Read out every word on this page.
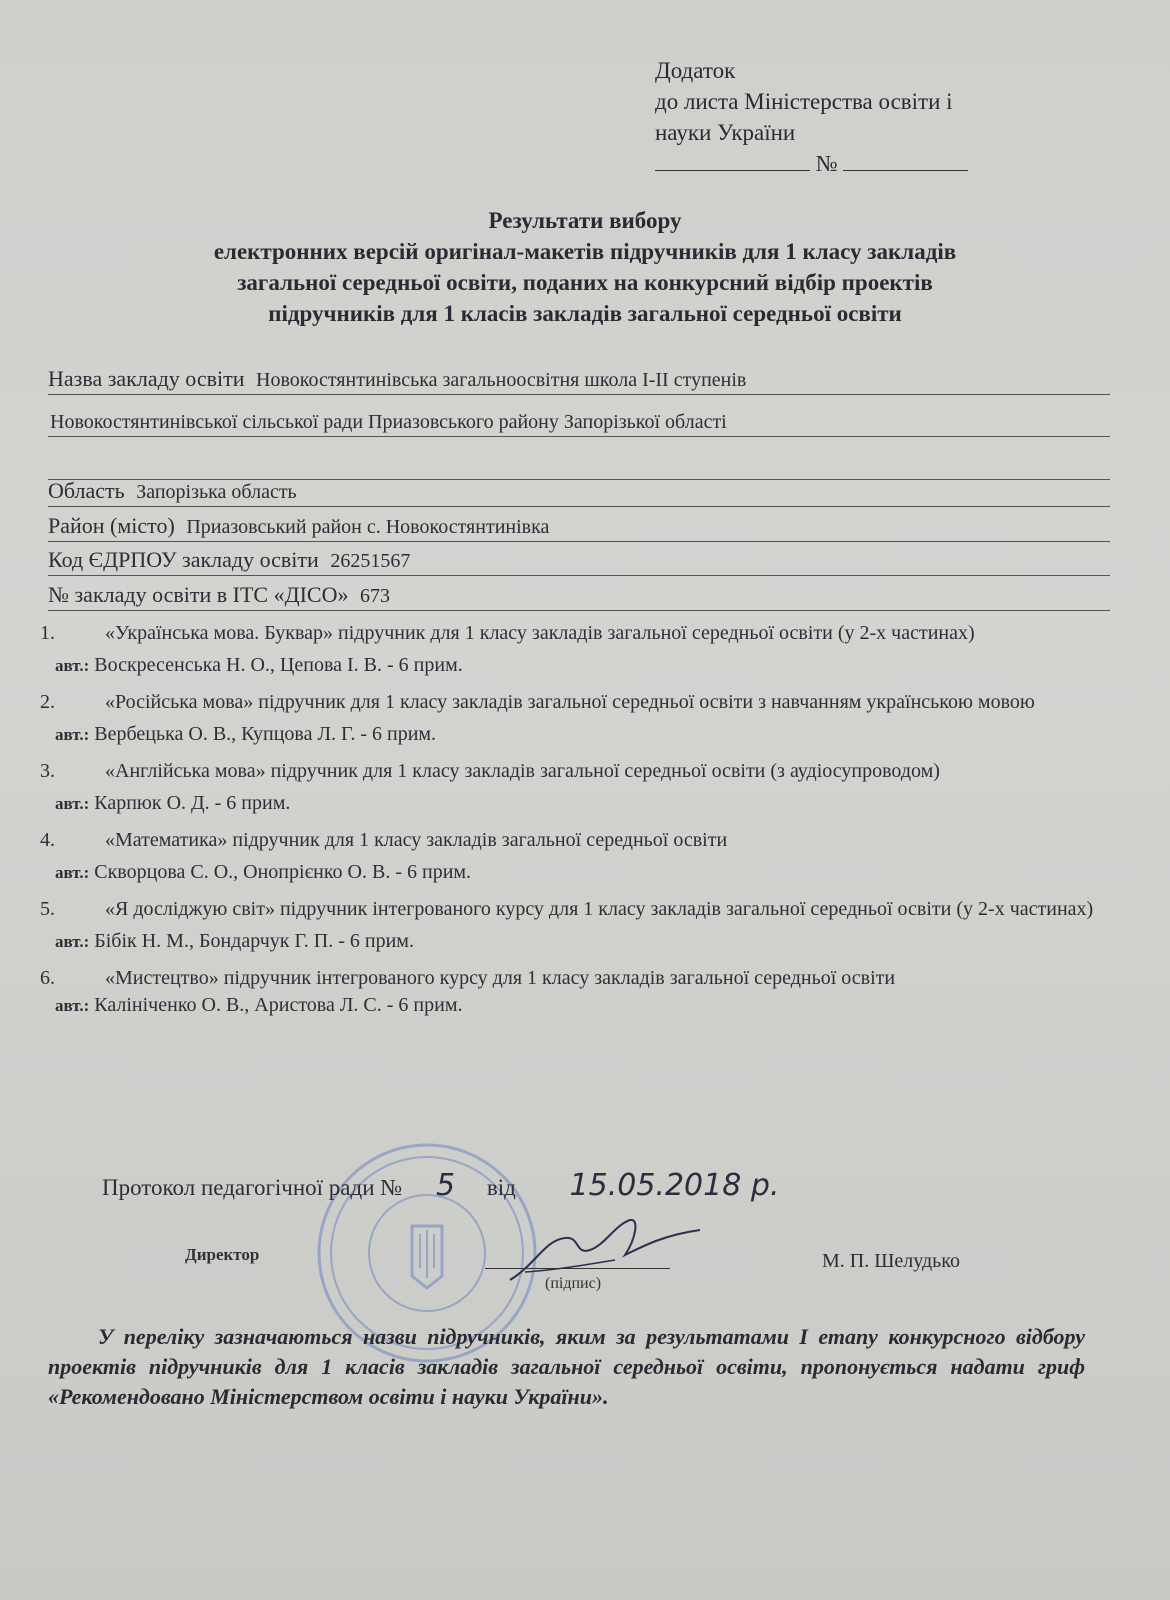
Додаток
до листа Міністерства освіти і
науки України
№
Результати вибору
електронних версій оригінал-макетів підручників для 1 класу закладів
загальної середньої освіти, поданих на конкурсний відбір проектів
підручників для 1 класів закладів загальної середньої освіти
Назва закладу освіти Новокостянтинівська загальноосвітня школа I-II ступенів
Новокостянтинівської сільської ради Приазовського району Запорізької області
Область Запорізька область
Район (місто) Приазовський район с. Новокостянтинівка
Код ЄДРПОУ закладу освіти 26251567
№ закладу освіти в ІТС «ДІСО» 673
1.	«Українська мова. Буквар» підручник для 1 класу закладів загальної середньої освіти (у 2-х частинах)
авт.: Воскресенська Н. О., Цепова І. В. - 6 прим.
2.	«Російська мова» підручник для 1 класу закладів загальної середньої освіти з навчанням українською мовою
авт.: Вербецька О. В., Купцова Л. Г. - 6 прим.
3.	«Англійська мова» підручник для 1 класу закладів загальної середньої освіти (з аудіосупроводом)
авт.: Карпюк О. Д. - 6 прим.
4.	«Математика» підручник для 1 класу закладів загальної середньої освіти
авт.: Скворцова С. О., Онопрієнко О. В. - 6 прим.
5.	«Я досліджую світ» підручник інтегрованого курсу для 1 класу закладів загальної середньої освіти (у 2-х частинах)
авт.: Бібік Н. М., Бондарчук Г. П. - 6 прим.
6.	«Мистецтво» підручник інтегрованого курсу для 1 класу закладів загальної середньої освіти
авт.: Калініченко О. В., Аристова Л. С. - 6 прим.
Протокол педагогічної ради № 5 від 15.05.2018 р.
Директор
(підпис)
М. П. Шелудько
У переліку зазначаються назви підручників, яким за результатами І етапу конкурсного відбору проектів підручників для 1 класів закладів загальної середньої освіти, пропонується надати гриф «Рекомендовано Міністерством освіти і науки України».
